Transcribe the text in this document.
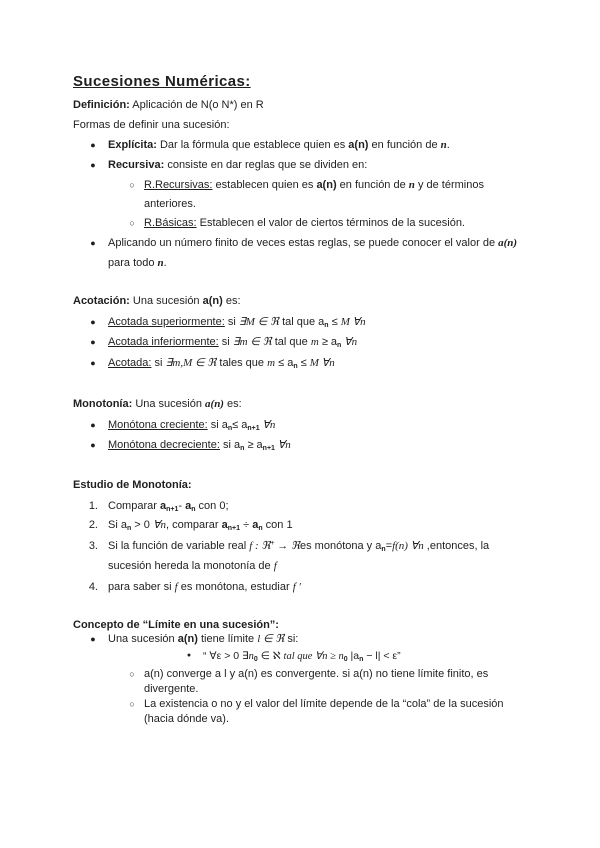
Sucesiones Numéricas:
Definición: Aplicación de N(o N*) en R
Formas de definir una sucesión:
● Explícita: Dar la fórmula que establece quien es a(n) en función de n.
● Recursiva: consiste en dar reglas que se dividen en:
○ R.Recursivas: establecen quien es a(n) en función de n y de términos
anteriores.
○ R.Básicas: Establecen el valor de ciertos términos de la sucesión.
● Aplicando un número finito de veces estas reglas, se puede conocer el valor de a(n)
para todo n.
Acotación: Una sucesión a(n) es:
● Acotada superiormente: si ∃M ∈ ℜ tal que $a_n \le M$ ∀n
● Acotada inferiormente: si ∃m ∈ ℜ tal que $m \ge a_n$ ∀n
● Acotada: si ∃m,M ∈ ℜ tales que $m \le a_n \le M$ ∀n
Monotonía: Una sucesión a(n) es:
● Monótona creciente: si $a_n\le a_{n+1}$ ∀n
● Monótona decreciente: si $a_n \ge a_{n+1}$ ∀n
Estudio de Monotonía:
1. Comparar $a_{n+1}-$ $a_n$ con 0;
2. Si $a_n > 0$ ∀n, comparar $a_{n+1} \div a_n$ con 1
3. Si la función de variable real f : ℜ+ → ℜes monótona y $a_n=f(n)$ ∀n ,entonces, la
sucesión hereda la monotonía de f
4. para saber si f es monótona, estudiar f ′
Concepto de “Límite en una sucesión”:
● Una sucesión a(n) tiene límite l ∈ ℜ si:
●	“ ∀ε > 0 $\exists n_0$ ∈ ℵ tal que ∀n ≥ $n_0$ $|a_n - l| < \varepsilon$”
○ a(n) converge a l y a(n) es convergente. si a(n) no tiene límite finito, es
divergente.
○ La existencia o no y el valor del límite depende de la “cola” de la sucesión
(hacia dónde va).
